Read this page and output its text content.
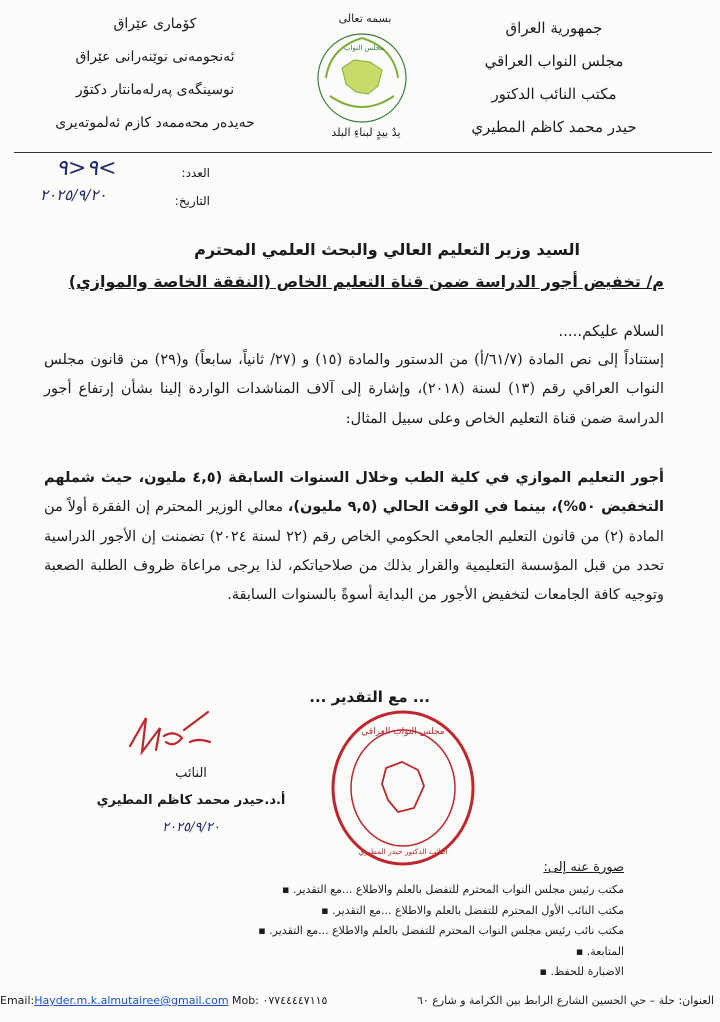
جمهورية العراق
مجلس النواب العراقي
مكتب النائب الدكتور
حيدر محمد كاظم المطيري
كۆماری عێراق
ئەنجومەنی نوێنەرانی عێراق
نوسینگەی پەرلەمانتار دکتۆر
حەیدەر محەممەد کازم ئەلموتەیری
بسمه تعالى
مجلس النواب
يدٌ بيدٍ لبناءِ البلد
العدد:
٩<٩<
التاريخ:
٢٠٢٥/٩/٢٠
السيد وزير التعليم العالي والبحث العلمي المحترم
م/ تخفيض أجور الدراسة ضمن قناة التعليم الخاص (النفقة الخاصة والموازي)
السلام عليكم.....
إستناداً إلى نص المادة (٦١/٧/أ) من الدستور والمادة (١٥) و (٢٧/ ثانياً، سابعاً) و(٢٩) من قانون مجلس النواب العراقي رقم (١٣) لسنة (٢٠١٨)، وإشارة إلى آلاف المناشدات الواردة إلينا بشأن إرتفاع أجور الدراسة ضمن قناة التعليم الخاص وعلى سبيل المثال:
أجور التعليم الموازي في كلية الطب وخلال السنوات السابقة (٤,٥ مليون، حيث شملهم التخفيض ٥٠%)، بينما في الوقت الحالي (٩,٥ مليون)، معالي الوزير المحترم إن الفقرة أولاً من المادة (٢) من قانون التعليم الجامعي الحكومي الخاص رقم (٢٢ لسنة ٢٠٢٤) تضمنت إن الأجور الدراسية تحدد من قبل المؤسسة التعليمية والقرار بذلك من صلاحياتكم، لذا يرجى مراعاة ظروف الطلبة الصعبة وتوجيه كافة الجامعات لتخفيض الأجور من البداية أسوةً بالسنوات السابقة.
... مع التقدير ...
النائب
أ.د.حيدر محمد كاظم المطيري
٢٠٢٥/٩/٢٠
مجلس النواب العراقي
النائب الدكتور حيدر المطيري
صورة عنه إلى:
مكتب رئيس مجلس النواب المحترم للتفضل بالعلم والاطلاع ...مع التقدير. ▪
مكتب النائب الأول المحترم للتفضل بالعلم والاطلاع ...مع التقدير. ▪
مكتب نائب رئيس مجلس النواب المحترم للتفضل بالعلم والاطلاع ...مع التقدير. ▪
المتابعة. ▪
الاضبارة للحفظ. ▪
العنوان: حلة – حي الحسين الشارع الرابط بين الكرامة و شارع ٦٠
Email:Hayder.m.k.almutairee@gmail.com Mob: ٠٧٧٤٤٤٤٧١١٥
